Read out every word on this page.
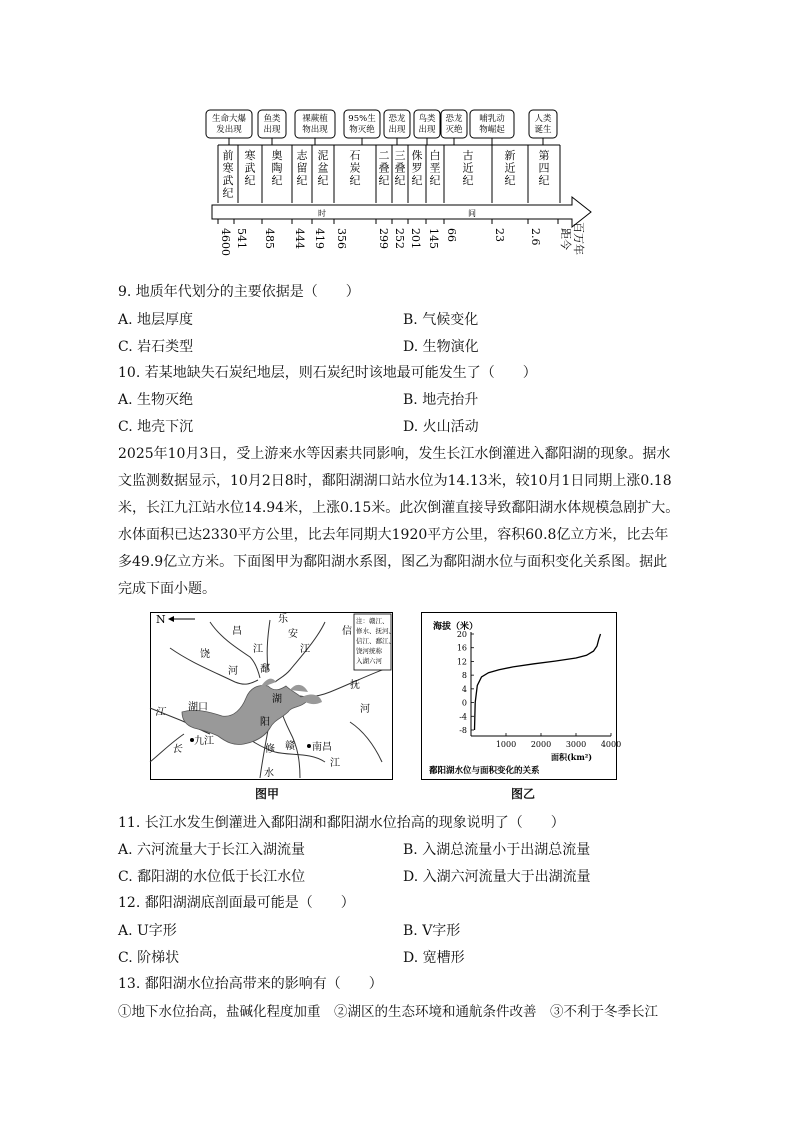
生命大爆
发出现
鱼类
出现
裸蕨植
物出现
95%生
物灭绝
恐龙
出现
鸟类
出现
恐龙
灭绝
哺乳动
物崛起
人类
诞生
前
寒
武
纪
寒
武
纪
奥
陶
纪
志
留
纪
泥
盆
纪
石
炭
纪
二
叠
纪
三
叠
纪
侏
罗
纪
白
垩
纪
古
近
纪
新
近
纪
第
四
纪
时	间
4600 541 485 444 419 356	299 252 201 145 66	23 2.6 距今 百万年
9. 地质年代划分的主要依据是（　　）
A. 地层厚度	B. 气候变化
C. 岩石类型	D. 生物演化
10. 若某地缺失石炭纪地层，则石炭纪时该地最可能发生了（　　）
A. 生物灭绝	B. 地壳抬升
C. 地壳下沉	D. 火山活动
2025年10月3日，受上游来水等因素共同影响，发生长江水倒灌进入鄱阳湖的现象。据水
文监测数据显示，10月2日8时，鄱阳湖湖口站水位为14.13米，较10月1日同期上涨0.18
米，长江九江站水位14.94米，上涨0.15米。此次倒灌直接导致鄱阳湖水体规模急剧扩大。
水体面积已达2330平方公里，比去年同期大1920平方公里，容积60.8亿立方米，比去年
多49.9亿立方米。下面图甲为鄱阳湖水系图，图乙为鄱阳湖水位与面积变化关系图。据此
完成下面小题。
N	注：赣江、
修水、抚河、
信江、鄱江、
饶河统称
入湖六河
昌
江
乐
安
江
饶
河
信
鄱
湖
阳
抚
河
湖口
九江
江
长	修
水
赣
江
南昌
图甲
海拔（米）
20
16
12
8
4
0
-4
-8
1000 2000 3000 4000
面积(km²)
鄱阳湖水位与面积变化的关系
图乙
11. 长江水发生倒灌进入鄱阳湖和鄱阳湖水位抬高的现象说明了（　　）
A. 六河流量大于长江入湖流量	B. 入湖总流量小于出湖总流量
C. 鄱阳湖的水位低于长江水位	D. 入湖六河流量大于出湖流量
12. 鄱阳湖湖底剖面最可能是（　　）
A. U字形	B. V字形
C. 阶梯状	D. 宽槽形
13. 鄱阳湖水位抬高带来的影响有（　　）
①地下水位抬高，盐碱化程度加重　②湖区的生态环境和通航条件改善　③不利于冬季长江
